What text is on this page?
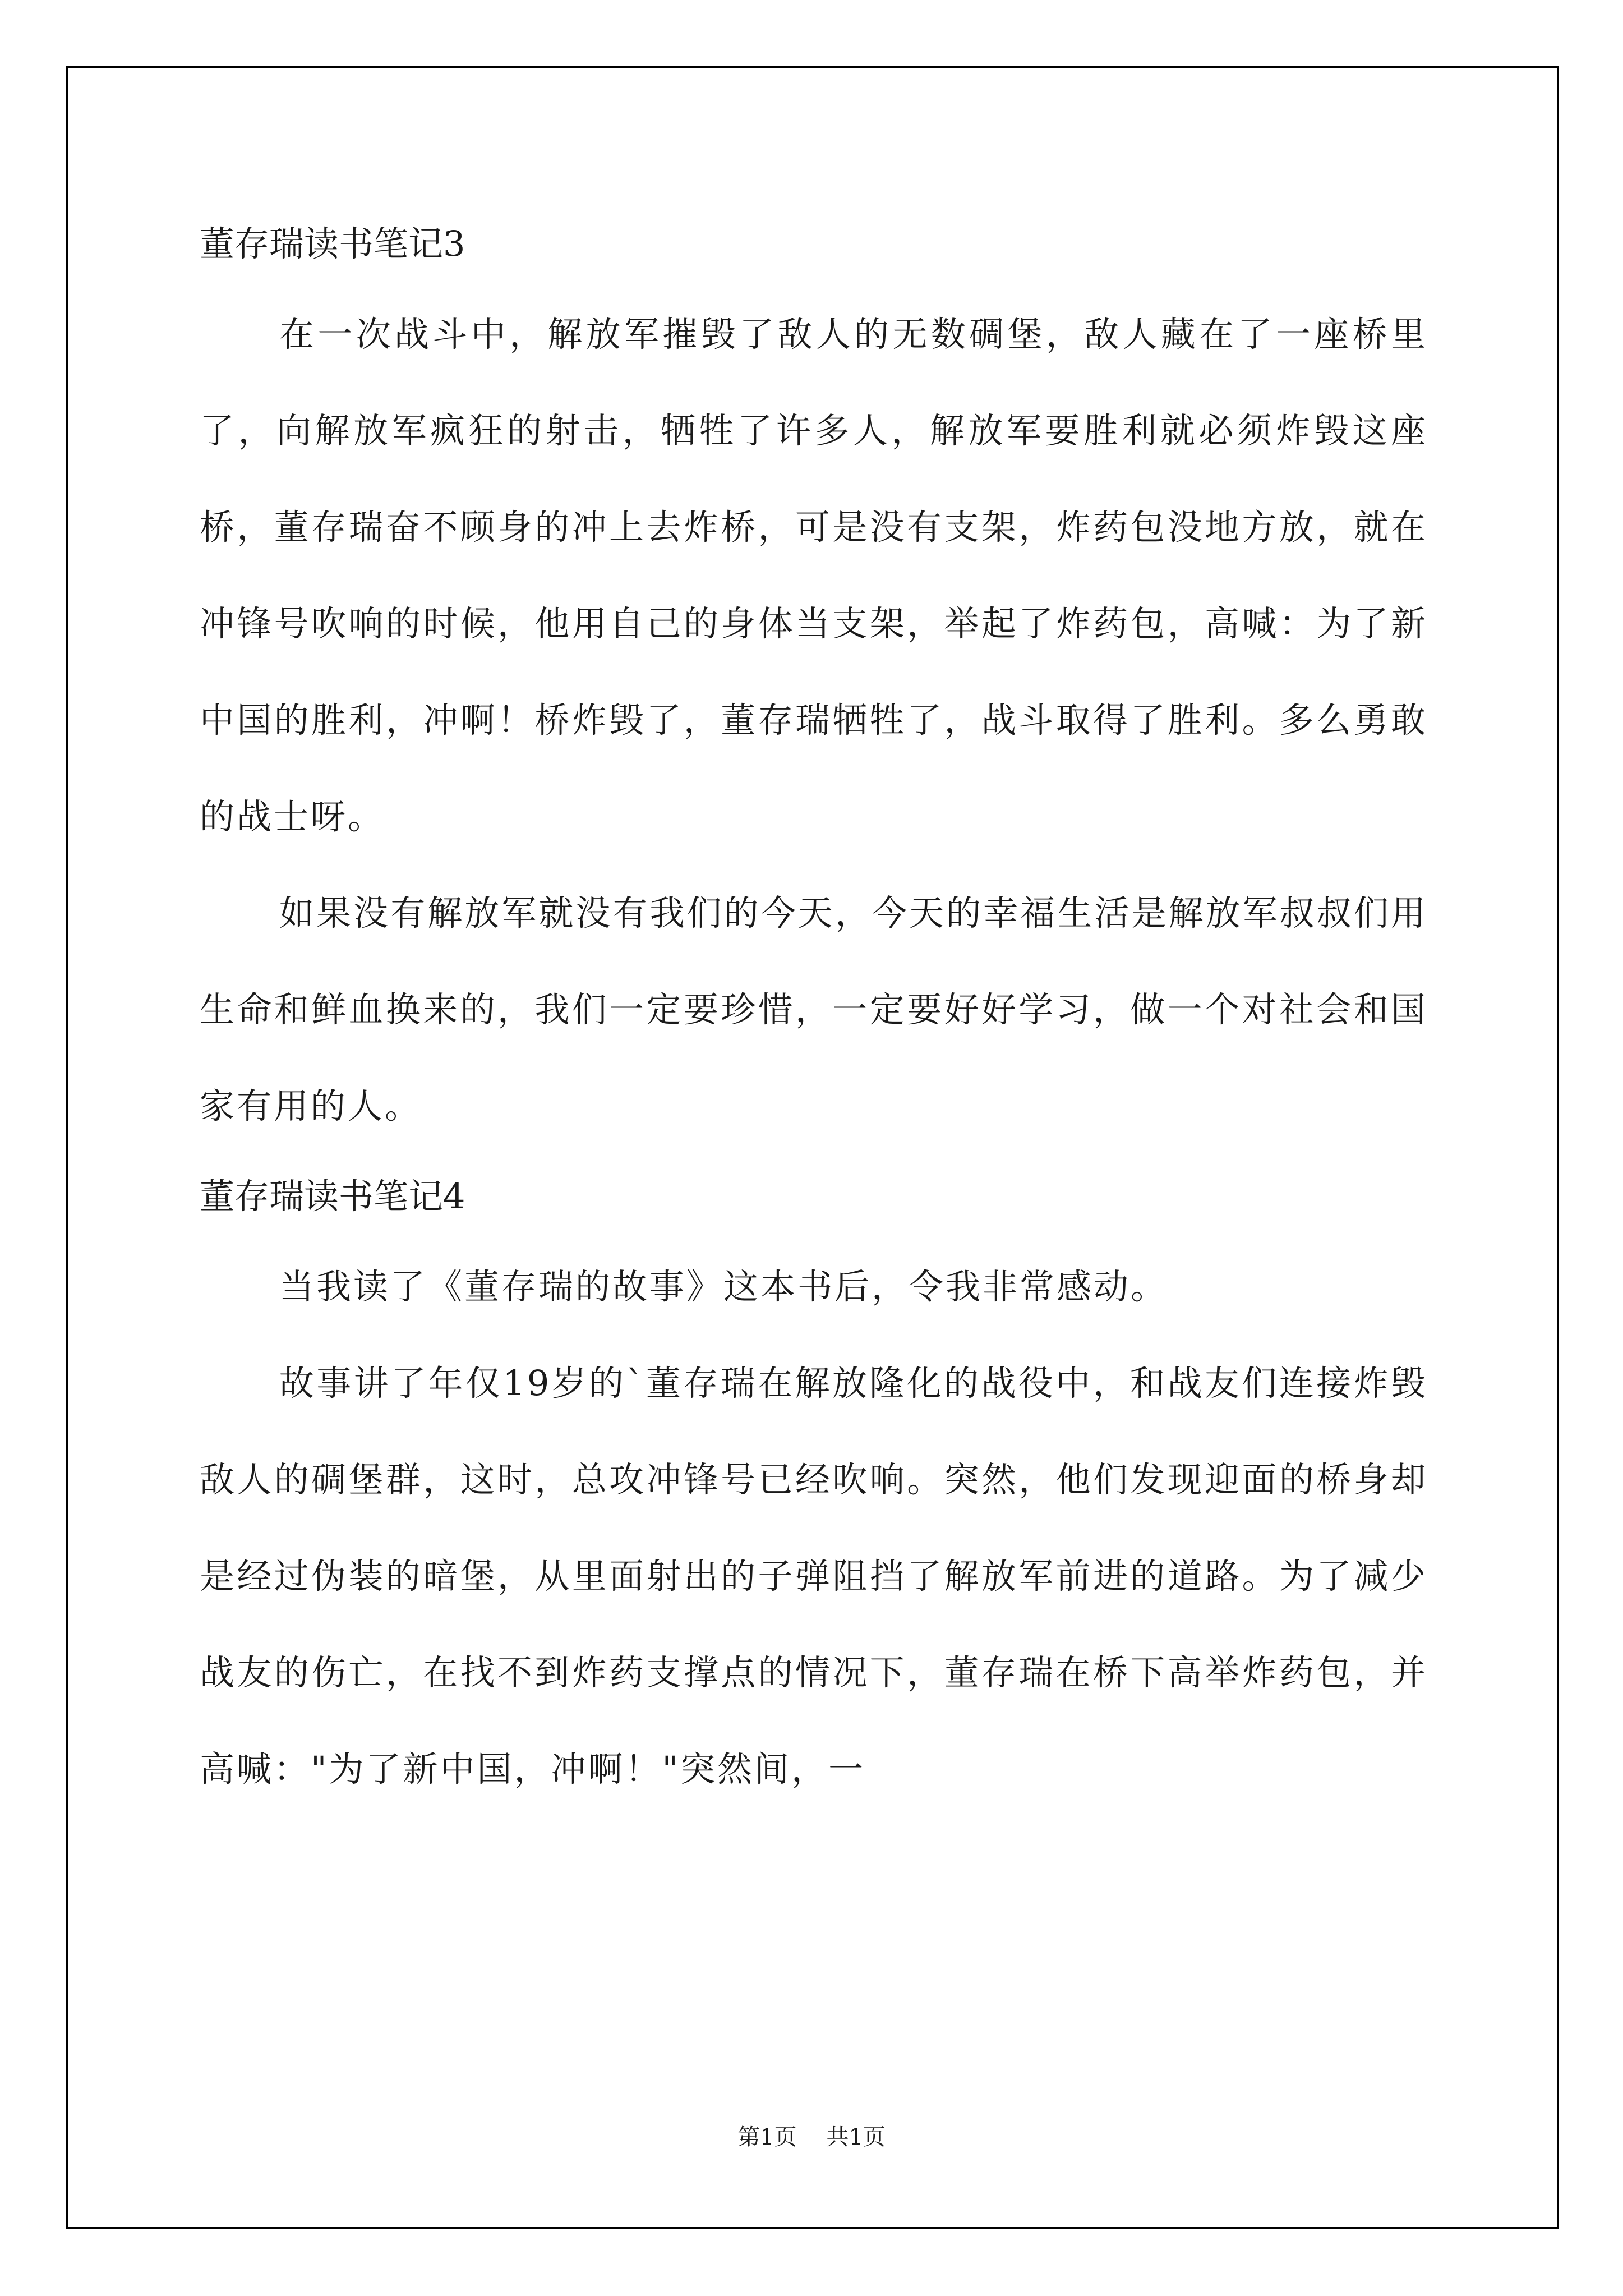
董存瑞读书笔记3

在一次战斗中，解放军摧毁了敌人的无数碉堡，敌人藏在了一座桥里了，向解放军疯狂的射击，牺牲了许多人，解放军要胜利就必须炸毁这座桥，董存瑞奋不顾身的冲上去炸桥，可是没有支架，炸药包没地方放，就在冲锋号吹响的时候，他用自己的身体当支架，举起了炸药包，高喊：为了新中国的胜利，冲啊！桥炸毁了，董存瑞牺牲了，战斗取得了胜利。多么勇敢的战士呀。

如果没有解放军就没有我们的今天，今天的幸福生活是解放军叔叔们用生命和鲜血换来的，我们一定要珍惜，一定要好好学习，做一个对社会和国家有用的人。

董存瑞读书笔记4

当我读了《董存瑞的故事》这本书后，令我非常感动。

故事讲了年仅19岁的`董存瑞在解放隆化的战役中，和战友们连接炸毁敌人的碉堡群，这时，总攻冲锋号已经吹响。突然，他们发现迎面的桥身却是经过伪装的暗堡，从里面射出的子弹阻挡了解放军前进的道路。为了减少战友的伤亡，在找不到炸药支撑点的情况下，董存瑞在桥下高举炸药包，并高喊："为了新中国，冲啊！"突然间，一

第1页 共1页
